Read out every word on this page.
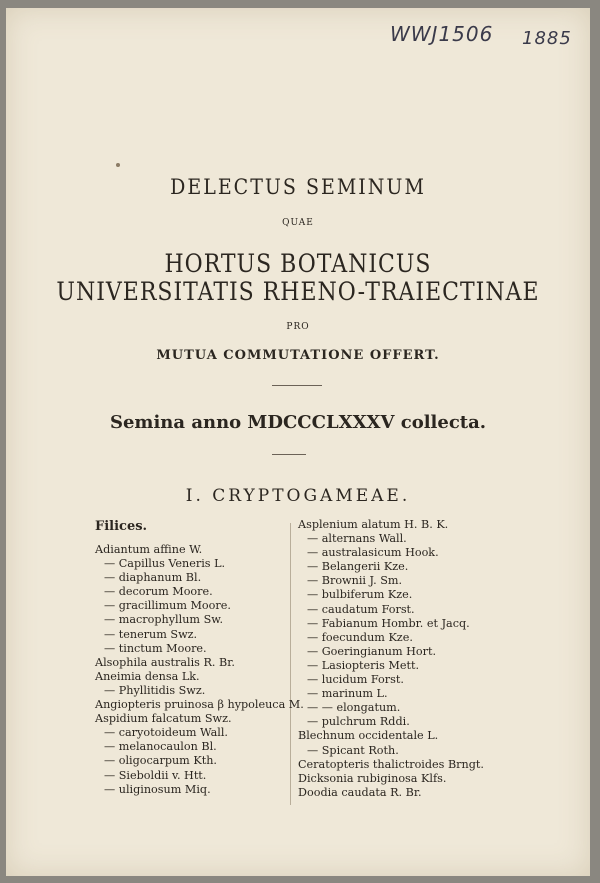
WWJ1506 1885
DELECTUS SEMINUM
QUAE
HORTUS BOTANICUS
UNIVERSITATIS RHENO-TRAIECTINAE
PRO
MUTUA COMMUTATIONE OFFERT.
Semina anno MDCCCLXXXV collecta.
I. CRYPTOGAMEAE.
Filices.
Adiantum affine W.
— Capillus Veneris L.
— diaphanum Bl.
— decorum Moore.
— gracillimum Moore.
— macrophyllum Sw.
— tenerum Swz.
— tinctum Moore.
Alsophila australis R. Br.
Aneimia densa Lk.
— Phyllitidis Swz.
Angiopteris pruinosa β hypoleuca M.
Aspidium falcatum Swz.
— caryotoideum Wall.
— melanocaulon Bl.
— oligocarpum Kth.
— Sieboldii v. Htt.
— uliginosum Miq.
Asplenium alatum H. B. K.
— alternans Wall.
— australasicum Hook.
— Belangerii Kze.
— Brownii J. Sm.
— bulbiferum Kze.
— caudatum Forst.
— Fabianum Hombr. et Jacq.
— foecundum Kze.
— Goeringianum Hort.
— Lasiopteris Mett.
— lucidum Forst.
— marinum L.
— — elongatum.
— pulchrum Rddi.
Blechnum occidentale L.
— Spicant Roth.
Ceratopteris thalictroides Brngt.
Dicksonia rubiginosa Klfs.
Doodia caudata R. Br.
